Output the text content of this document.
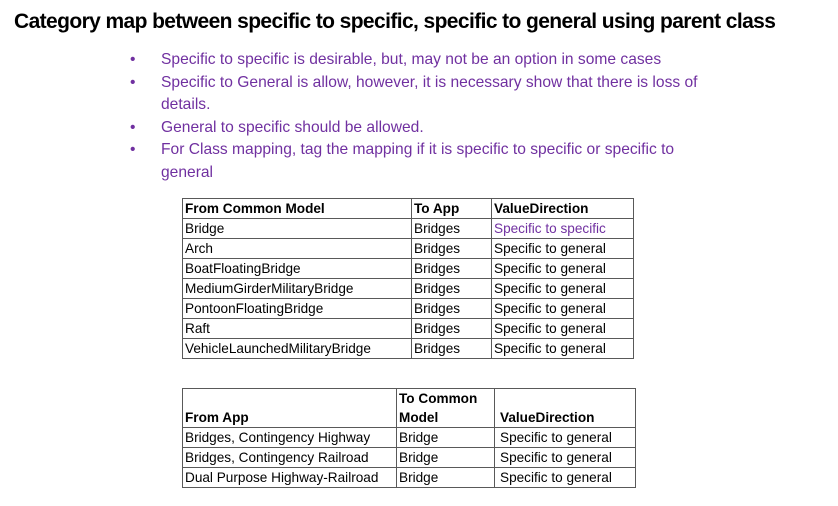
Category map between specific to specific, specific to general using parent class
• Specific to specific is desirable, but, may not be an option in some cases
• Specific to General is allow, however, it is necessary show that there is loss of details.
• General to specific should be allowed.
• For Class mapping, tag the mapping if it is specific to specific or specific to general
From Common Model	To App	ValueDirection
Bridge	Bridges	Specific to specific
Arch	Bridges	Specific to general
BoatFloatingBridge	Bridges	Specific to general
MediumGirderMilitaryBridge	Bridges	Specific to general
PontoonFloatingBridge	Bridges	Specific to general
Raft	Bridges	Specific to general
VehicleLaunchedMilitaryBridge	Bridges	Specific to general
From App	To Common Model	ValueDirection
Bridges, Contingency Highway	Bridge	Specific to general
Bridges, Contingency Railroad	Bridge	Specific to general
Dual Purpose Highway-Railroad	Bridge	Specific to general
